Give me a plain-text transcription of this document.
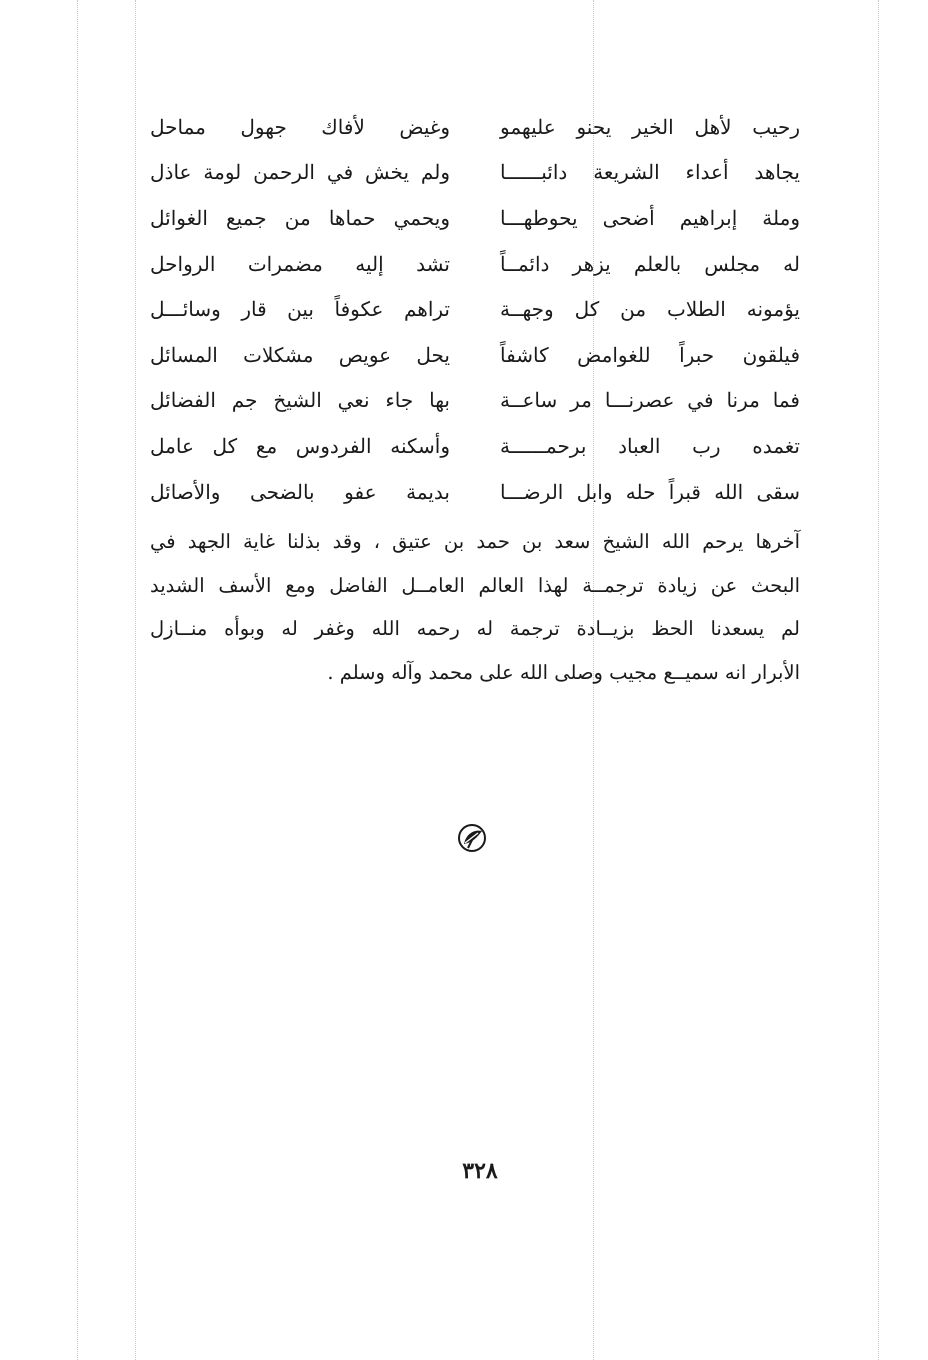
رحيب لأهل الخير يحنو عليهمو
وغيض لأفاك جهول مماحل
يجاهد أعداء الشريعة دائبــــــا
ولم يخش في الرحمن لومة عاذل
وملة إبراهيم أضحى يحوطهـــا
ويحمي حماها من جميع الغوائل
له مجلس بالعلم يزهر دائمــاً
تشد إليه مضمرات الرواحل
يؤمونه الطلاب من كل وجهــة
تراهم عكوفاً بين قار وسائـــل
فيلقون حبراً للغوامض كاشفاً
يحل عويص مشكلات المسائل
فما مرنا في عصرنـــا مر ساعــة
بها جاء نعي الشيخ جم الفضائل
تغمده رب العباد برحمــــــة
وأسكنه الفردوس مع كل عامل
سقى الله قبراً حله وابل الرضـــا
بديمة عفو بالضحى والأصائل
آخرها يرحم الله الشيخ سعد بن حمد بن عتيق ، وقد بذلنا غاية الجهد في
البحث عن زيادة ترجمــة لهذا العالم العامــل الفاضل ومع الأسف الشديد
لم يسعدنا الحظ بزيــادة ترجمة له رحمه الله وغفر له وبوأه منــازل
الأبرار انه سميــع مجيب وصلى الله على محمد وآله وسلم .
٣٢٨
